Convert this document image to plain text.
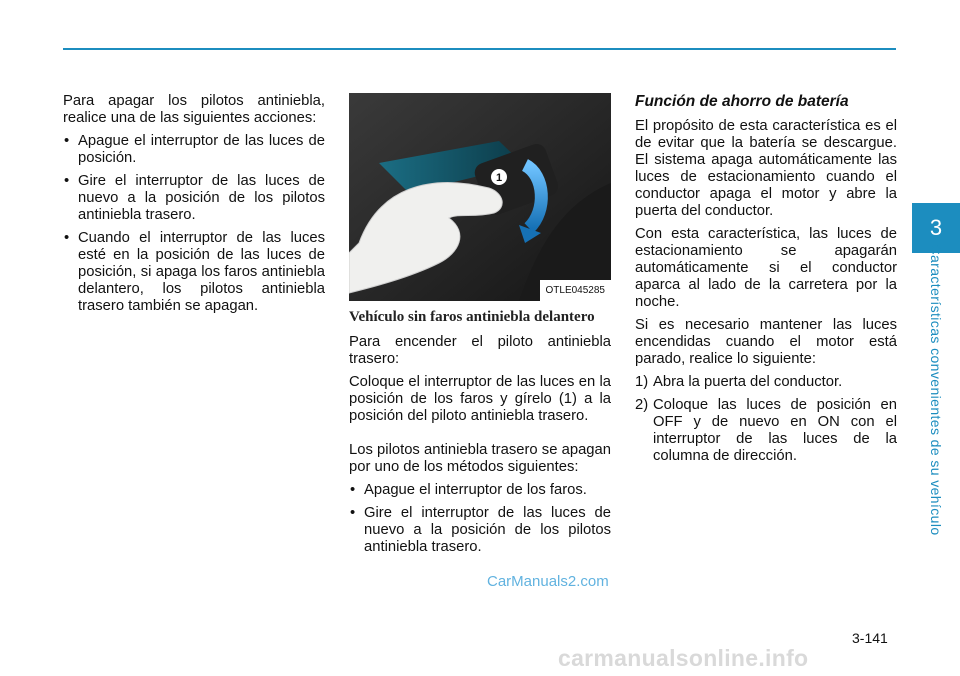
Para apagar los pilotos antiniebla, realice una de las siguientes acciones:

• Apague el interruptor de las luces de posición.
• Gire el interruptor de las luces de nuevo a la posición de los pilotos antiniebla trasero.
• Cuando el interruptor de las luces esté en la posición de las luces de posición, si apaga los faros antiniebla delantero, los pilotos antiniebla trasero también se apagan.
1
OTLE045285
Vehículo sin faros antiniebla delantero

Para encender el piloto antiniebla trasero:

Coloque el interruptor de las luces en la posición de los faros y gírelo (1) a la posición del piloto antiniebla trasero.

Los pilotos antiniebla trasero se apagan por uno de los métodos siguientes:

• Apague el interruptor de los faros.
• Gire el interruptor de las luces de nuevo a la posición de los pilotos antiniebla trasero.
Función de ahorro de batería

El propósito de esta característica es el de evitar que la batería se descargue. El sistema apaga automáticamente las luces de estacionamiento cuando el conductor apaga el motor y abre la puerta del conductor.

Con esta característica, las luces de estacionamiento se apagarán automáticamente si el conductor aparca al lado de la carretera por la noche.

Si es necesario mantener las luces encendidas cuando el motor está parado, realice lo siguiente:

1) Abra la puerta del conductor.
2) Coloque las luces de posición en OFF y de nuevo en ON con el interruptor de las luces de la columna de dirección.
3
Características convenientes de su vehículo
3-141
CarManuals2.com
carmanualsonline.info
